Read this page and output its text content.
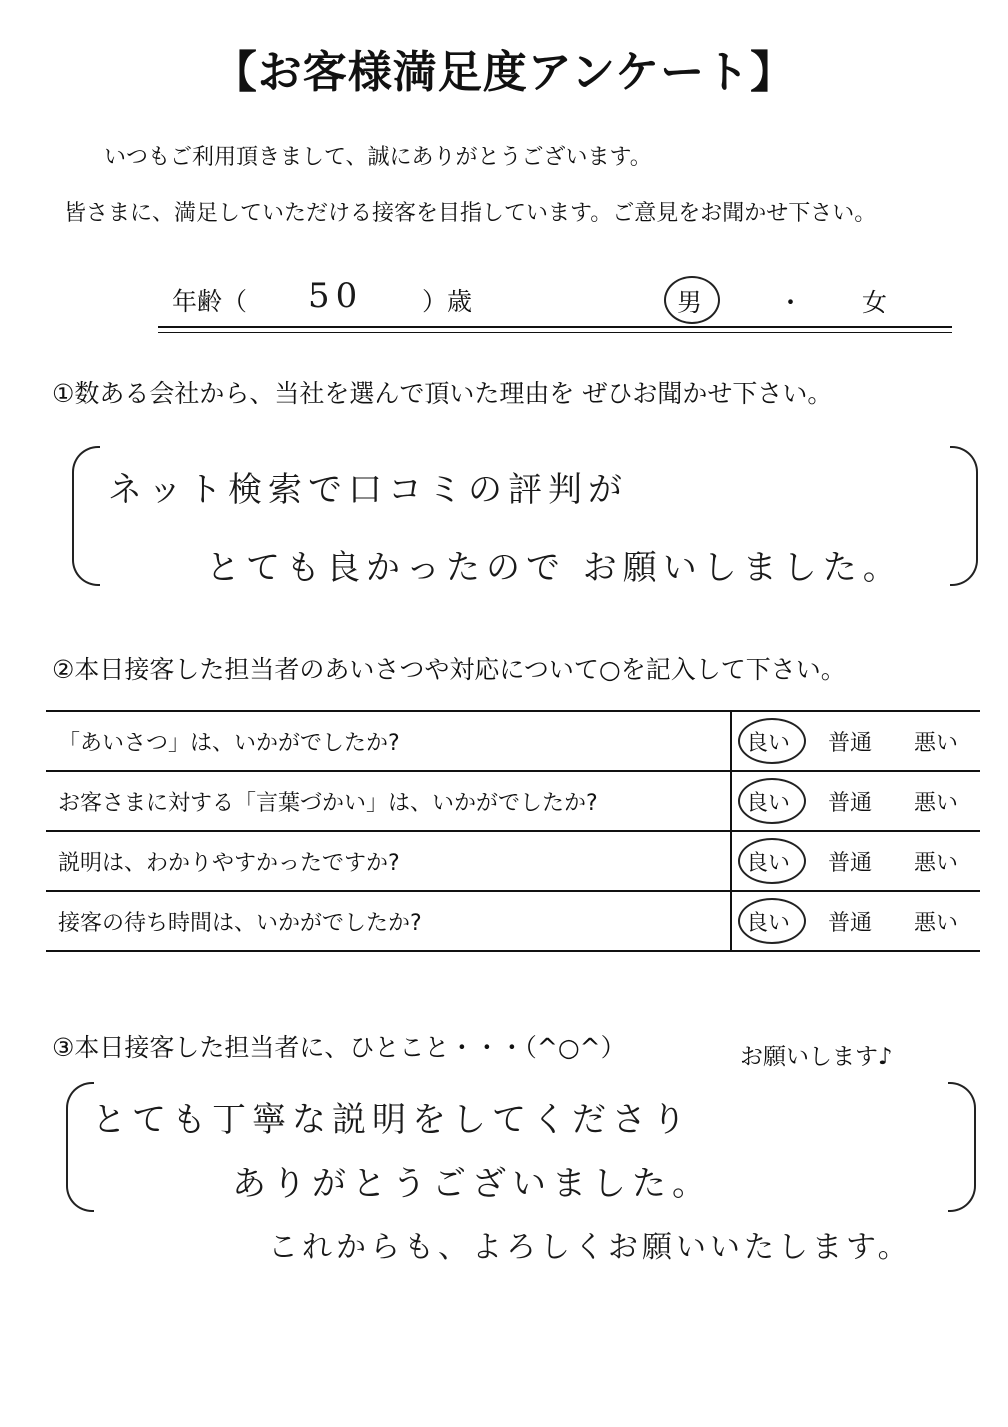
【お客様満足度アンケート】
いつもご利用頂きまして、誠にありがとうございます。
皆さまに、満足していただける接客を目指しています。ご意見をお聞かせ下さい。
年齢（ 50 ）歳	男	・ 女
①数ある会社から、当社を選んで頂いた理由を ぜひお聞かせ下さい。
ネット検索で口コミの評判が
とても良かったので お願いしました。
②本日接客した担当者のあいさつや対応について○を記入して下さい。
「あいさつ」は、いかがでしたか?	良い 普通 悪い

お客さまに対する「言葉づかい」は、いかがでしたか?	良い 普通 悪い

説明は、わかりやすかったですか?	良い 普通 悪い

接客の待ち時間は、いかがでしたか?	良い 普通 悪い
③本日接客した担当者に、ひとこと・・・（^○^）	お願いします♪
とても丁寧な説明をしてくださり
ありがとうございました。
これからも、よろしくお願いいたします。
